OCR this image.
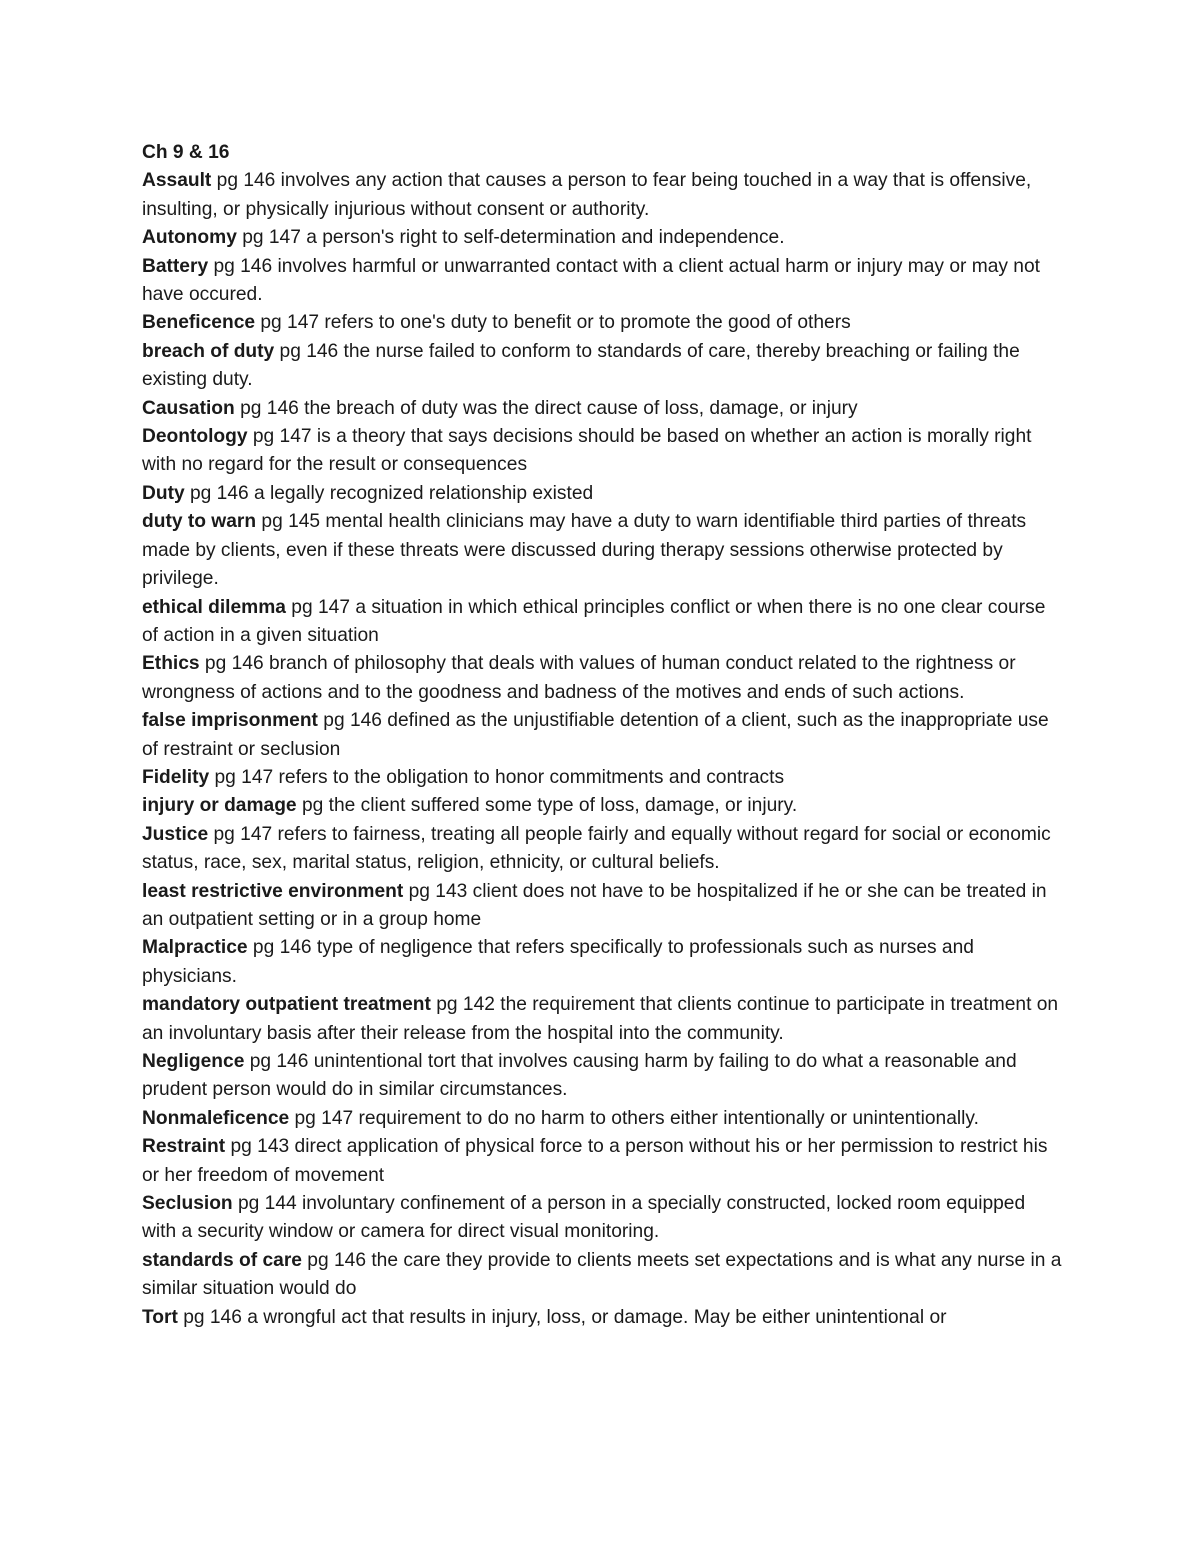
Ch 9 & 16

Assault pg 146 involves any action that causes a person to fear being touched in a way that is offensive, insulting, or physically injurious without consent or authority.

Autonomy pg 147 a person's right to self-determination and independence.

Battery pg 146 involves harmful or unwarranted contact with a client actual harm or injury may or may not have occured.

Beneficence pg 147 refers to one's duty to benefit or to promote the good of others

breach of duty pg 146 the nurse failed to conform to standards of care, thereby breaching or failing the existing duty.

Causation pg 146 the breach of duty was the direct cause of loss, damage, or injury

Deontology pg 147 is a theory that says decisions should be based on whether an action is morally right with no regard for the result or consequences

Duty pg 146 a legally recognized relationship existed

duty to warn pg 145 mental health clinicians may have a duty to warn identifiable third parties of threats made by clients, even if these threats were discussed during therapy sessions otherwise protected by privilege.

ethical dilemma pg 147 a situation in which ethical principles conflict or when there is no one clear course of action in a given situation

Ethics pg 146 branch of philosophy that deals with values of human conduct related to the rightness or wrongness of actions and to the goodness and badness of the motives and ends of such actions.

false imprisonment pg 146 defined as the unjustifiable detention of a client, such as the inappropriate use of restraint or seclusion

Fidelity pg 147 refers to the obligation to honor commitments and contracts

injury or damage pg the client suffered some type of loss, damage, or injury.

Justice pg 147 refers to fairness, treating all people fairly and equally without regard for social or economic status, race, sex, marital status, religion, ethnicity, or cultural beliefs.

least restrictive environment pg 143 client does not have to be hospitalized if he or she can be treated in an outpatient setting or in a group home

Malpractice pg 146 type of negligence that refers specifically to professionals such as nurses and physicians.

mandatory outpatient treatment pg 142 the requirement that clients continue to participate in treatment on an involuntary basis after their release from the hospital into the community.

Negligence pg 146 unintentional tort that involves causing harm by failing to do what a reasonable and prudent person would do in similar circumstances.

Nonmaleficence pg 147 requirement to do no harm to others either intentionally or unintentionally.

Restraint pg 143 direct application of physical force to a person without his or her permission to restrict his or her freedom of movement

Seclusion pg 144 involuntary confinement of a person in a specially constructed, locked room equipped with a security window or camera for direct visual monitoring.

standards of care pg 146 the care they provide to clients meets set expectations and is what any nurse in a similar situation would do

Tort pg 146 a wrongful act that results in injury, loss, or damage. May be either unintentional or
